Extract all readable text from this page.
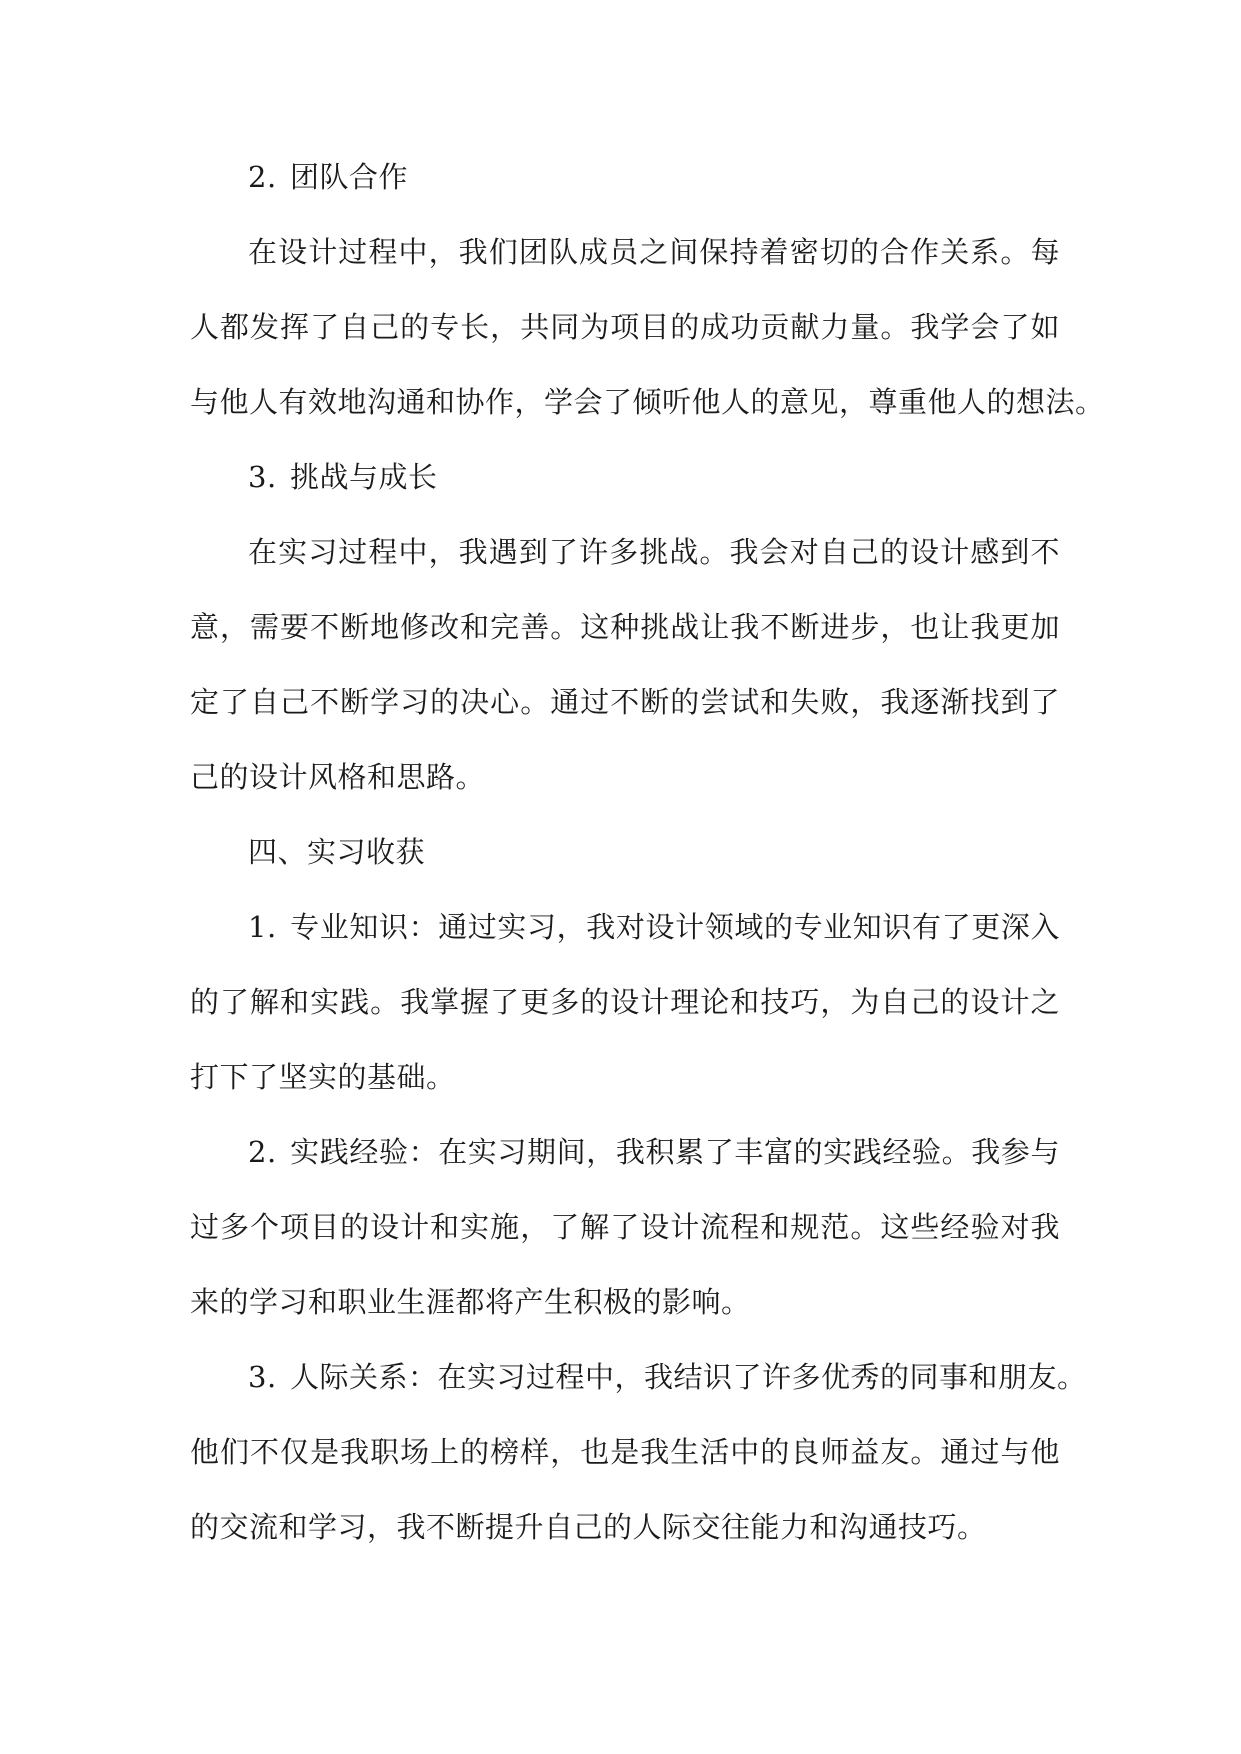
2. 团队合作
在设计过程中，我们团队成员之间保持着密切的合作关系。每
人都发挥了自己的专长，共同为项目的成功贡献力量。我学会了如
与他人有效地沟通和协作，学会了倾听他人的意见，尊重他人的想法。
3. 挑战与成长
在实习过程中，我遇到了许多挑战。我会对自己的设计感到不
意，需要不断地修改和完善。这种挑战让我不断进步，也让我更加
定了自己不断学习的决心。通过不断的尝试和失败，我逐渐找到了
己的设计风格和思路。
四、实习收获
1. 专业知识：通过实习，我对设计领域的专业知识有了更深入
的了解和实践。我掌握了更多的设计理论和技巧，为自己的设计之
打下了坚实的基础。
2. 实践经验：在实习期间，我积累了丰富的实践经验。我参与
过多个项目的设计和实施，了解了设计流程和规范。这些经验对我
来的学习和职业生涯都将产生积极的影响。
3. 人际关系：在实习过程中，我结识了许多优秀的同事和朋友。
他们不仅是我职场上的榜样，也是我生活中的良师益友。通过与他
的交流和学习，我不断提升自己的人际交往能力和沟通技巧。
